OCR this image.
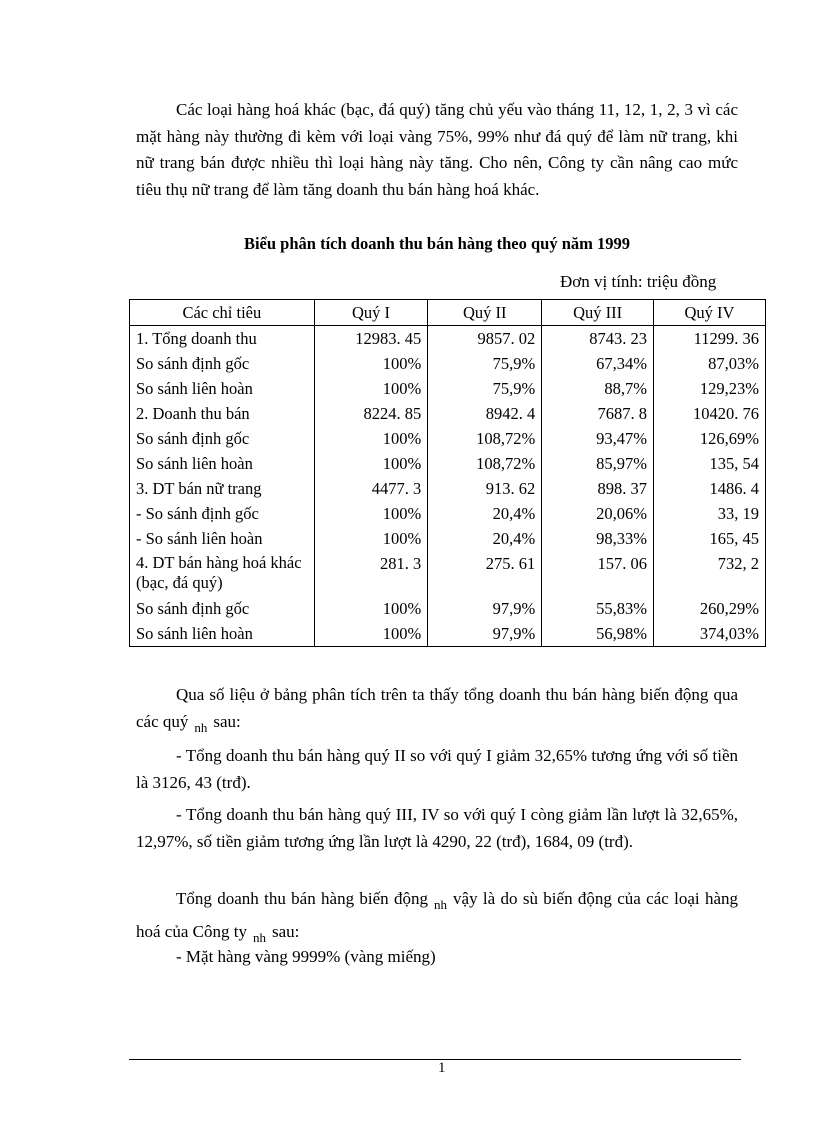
Các loại hàng hoá khác (bạc, đá quý) tăng chủ yếu vào tháng 11, 12, 1, 2, 3 vì các mặt hàng này thường đi kèm với loại vàng 75%, 99% như đá quý để làm nữ trang, khi nữ trang bán được nhiều thì loại hàng này tăng. Cho nên, Công ty cần nâng cao mức tiêu thụ nữ trang để làm tăng doanh thu bán hàng hoá khác.

Biểu phân tích doanh thu bán hàng theo quý năm 1999
Đơn vị tính: triệu đồng
Các chỉ tiêu	Quý I	Quý II	Quý III	Quý IV
1. Tổng doanh thu	12983. 45	9857. 02	8743. 23	11299. 36
So sánh định gốc	100%	75,9%	67,34%	87,03%
So sánh liên hoàn	100%	75,9%	88,7%	129,23%
2. Doanh thu bán	8224. 85	8942. 4	7687. 8	10420. 76
So sánh định gốc	100%	108,72%	93,47%	126,69%
So sánh liên hoàn	100%	108,72%	85,97%	135, 54
3. DT bán nữ trang	4477. 3	913. 62	898. 37	1486. 4
- So sánh định gốc	100%	20,4%	20,06%	33, 19
- So sánh liên hoàn	100%	20,4%	98,33%	165, 45
4. DT bán hàng hoá khác (bạc, đá quý)	281. 3	275. 61	157. 06	732, 2
So sánh định gốc	100%	97,9%	55,83%	260,29%
So sánh liên hoàn	100%	97,9%	56,98%	374,03%

Qua số liệu ở bảng phân tích trên ta thấy tổng doanh thu bán hàng biến động qua các quý $_{nh}$ sau:

- Tổng doanh thu bán hàng quý II so với quý I giảm 32,65% tương ứng với số tiền là 3126, 43 (trđ).

- Tổng doanh thu bán hàng quý III, IV so với quý I còng giảm lần lượt là 32,65%, 12,97%, số tiền giảm tương ứng lần lượt là 4290, 22 (trđ), 1684, 09 (trđ).

Tổng doanh thu bán hàng biến động $_{nh}$ vậy là do sù biến động của các loại hàng hoá của Công ty $_{nh}$ sau:

- Mặt hàng vàng 9999% (vàng miếng)

1
